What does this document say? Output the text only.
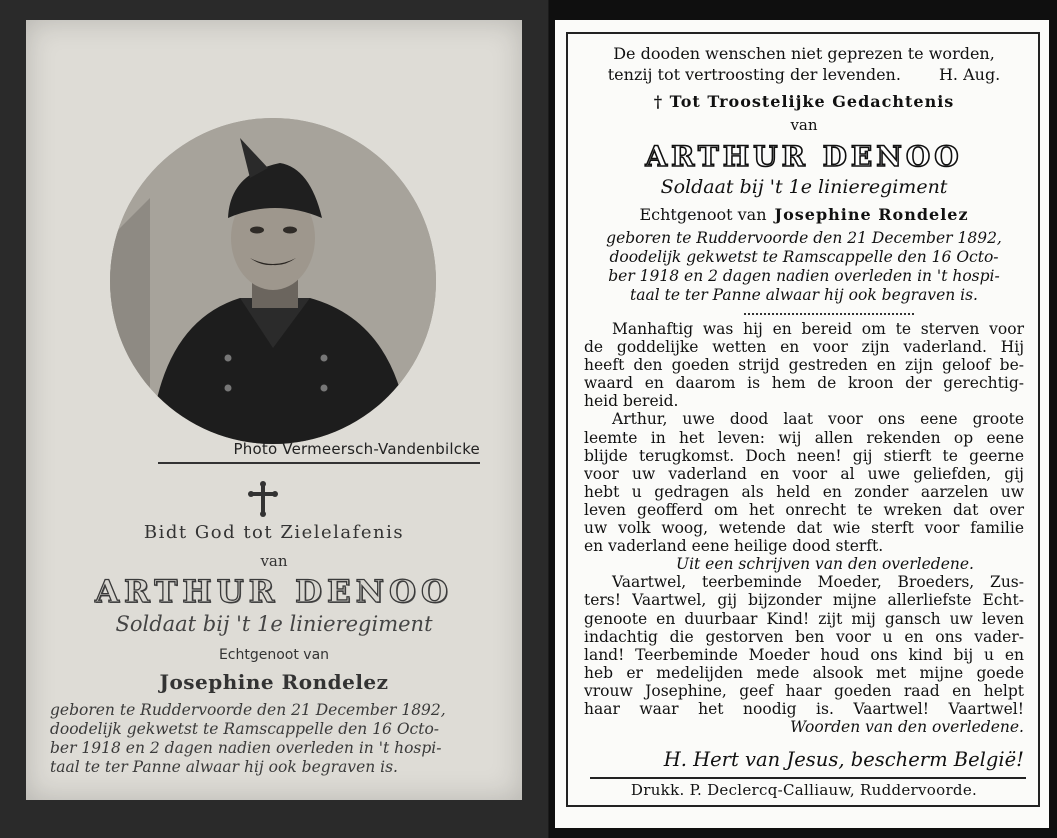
Photo Vermeersch-Vandenbilcke
Bidt God tot Zielelafenis
van
ARTHUR DENOO
Soldaat bij 't 1e linieregiment
Echtgenoot van
Josephine Rondelez
geboren te Ruddervoorde den 21 December 1892,
doodelijk gekwetst te Ramscappelle den 16 Octo-
ber 1918 en 2 dagen nadien overleden in 't hospi-
taal te ter Panne alwaar hij ook begraven is.
De dooden wenschen niet geprezen te worden,
tenzij tot vertroosting der levenden. H. Aug.
† Tot Troostelijke Gedachtenis
van
ARTHUR DENOO
Soldaat bij 't 1e linieregiment
Echtgenoot van Josephine Rondelez
geboren te Ruddervoorde den 21 December 1892,
doodelijk gekwetst te Ramscappelle den 16 Octo-
ber 1918 en 2 dagen nadien overleden in 't hospi-
taal te ter Panne alwaar hij ook begraven is.
Manhaftig was hij en bereid om te sterven voor
de goddelijke wetten en voor zijn vaderland. Hij
heeft den goeden strijd gestreden en zijn geloof be-
waard en daarom is hem de kroon der gerechtig-
heid bereid.
Arthur, uwe dood laat voor ons eene groote
leemte in het leven: wij allen rekenden op eene
blijde terugkomst. Doch neen! gij stierft te geerne
voor uw vaderland en voor al uwe geliefden, gij
hebt u gedragen als held en zonder aarzelen uw
leven geofferd om het onrecht te wreken dat over
uw volk woog, wetende dat wie sterft voor familie
en vaderland eene heilige dood sterft.
Uit een schrijven van den overledene.
Vaartwel, teerbeminde Moeder, Broeders, Zus-
ters! Vaartwel, gij bijzonder mijne allerliefste Echt-
genoote en duurbaar Kind! zijt mij gansch uw leven
indachtig die gestorven ben voor u en ons vader-
land! Teerbeminde Moeder houd ons kind bij u en
heb er medelijden mede alsook met mijne goede
vrouw Josephine, geef haar goeden raad en helpt
haar waar het noodig is. Vaartwel! Vaartwel!
Woorden van den overledene.
H. Hert van Jesus, bescherm België!
Drukk. P. Declercq-Calliauw, Ruddervoorde.
